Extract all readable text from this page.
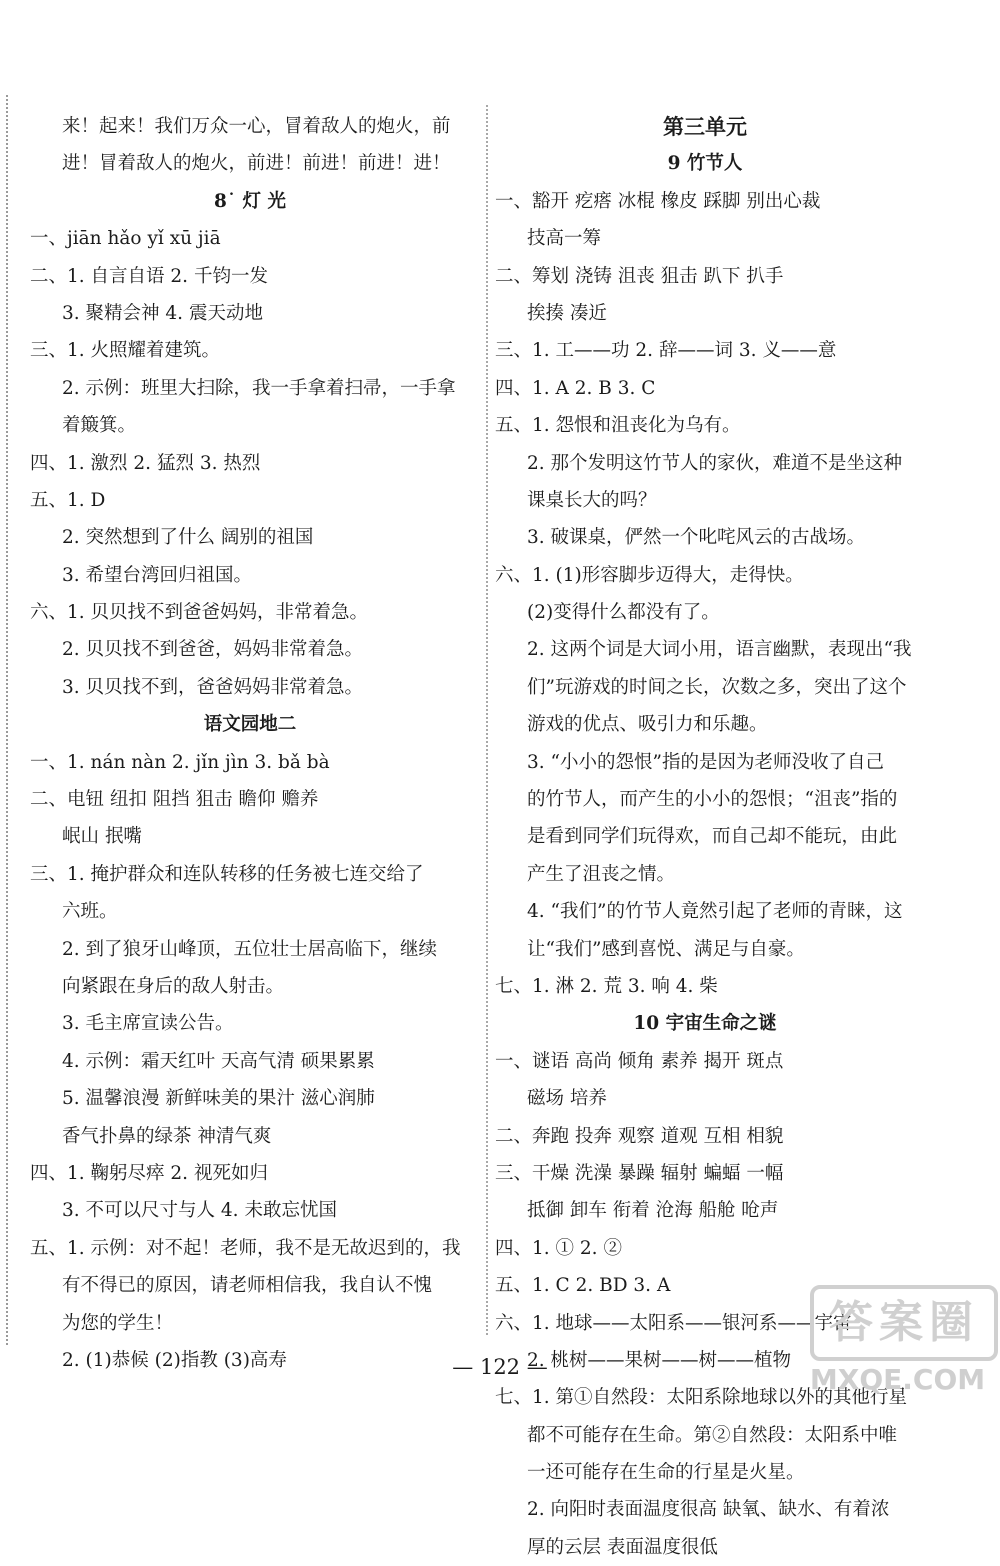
来！起来！我们万众一心，冒着敌人的炮火，前
进！冒着敌人的炮火，前进！前进！前进！进！
8˙ 灯 光
一、jiān hǎo yǐ xū jiā
二、1. 自言自语 2. 千钧一发
3. 聚精会神 4. 震天动地
三、1. 火照耀着建筑。
2. 示例：班里大扫除，我一手拿着扫帚，一手拿
着簸箕。
四、1. 激烈 2. 猛烈 3. 热烈
五、1. D
2. 突然想到了什么 阔别的祖国
3. 希望台湾回归祖国。
六、1. 贝贝找不到爸爸妈妈，非常着急。
2. 贝贝找不到爸爸，妈妈非常着急。
3. 贝贝找不到，爸爸妈妈非常着急。
语文园地二
一、1. nán nàn 2. jǐn jìn 3. bǎ bà
二、电钮 纽扣 阻挡 狙击 瞻仰 赡养
岷山 抿嘴
三、1. 掩护群众和连队转移的任务被七连交给了
六班。
2. 到了狼牙山峰顶，五位壮士居高临下，继续
向紧跟在身后的敌人射击。
3. 毛主席宣读公告。
4. 示例：霜天红叶 天高气清 硕果累累
5. 温馨浪漫 新鲜味美的果汁 滋心润肺
香气扑鼻的绿茶 神清气爽
四、1. 鞠躬尽瘁 2. 视死如归
3. 不可以尺寸与人 4. 未敢忘忧国
五、1. 示例：对不起！老师，我不是无故迟到的，我
有不得已的原因，请老师相信我，我自认不愧
为您的学生！
2. (1)恭候 (2)指教 (3)高寿
第三单元
9 竹节人
一、豁开 疙瘩 冰棍 橡皮 踩脚 别出心裁
技高一筹
二、筹划 浇铸 沮丧 狙击 趴下 扒手
挨揍 凑近
三、1. 工——功 2. 辞——词 3. 义——意
四、1. A 2. B 3. C
五、1. 怨恨和沮丧化为乌有。
2. 那个发明这竹节人的家伙，难道不是坐这种
课桌长大的吗？
3. 破课桌，俨然一个叱咤风云的古战场。
六、1. (1)形容脚步迈得大，走得快。
(2)变得什么都没有了。
2. 这两个词是大词小用，语言幽默，表现出“我
们”玩游戏的时间之长，次数之多，突出了这个
游戏的优点、吸引力和乐趣。
3. “小小的怨恨”指的是因为老师没收了自己
的竹节人，而产生的小小的怨恨；“沮丧”指的
是看到同学们玩得欢，而自己却不能玩，由此
产生了沮丧之情。
4. “我们”的竹节人竟然引起了老师的青睐，这
让“我们”感到喜悦、满足与自豪。
七、1. 淋 2. 荒 3. 响 4. 柴
10 宇宙生命之谜
一、谜语 高尚 倾角 素养 揭开 斑点
磁场 培养
二、奔跑 投奔 观察 道观 互相 相貌
三、干燥 洗澡 暴躁 辐射 蝙蝠 一幅
抵御 卸车 衔着 沧海 船舱 呛声
四、1. ① 2. ②
五、1. C 2. BD 3. A
六、1. 地球——太阳系——银河系——宇宙
2. 桃树——果树——树——植物
七、1. 第①自然段：太阳系除地球以外的其他行星
都不可能存在生命。第②自然段：太阳系中唯
一还可能存在生命的行星是火星。
2. 向阳时表面温度很高 缺氧、缺水、有着浓
厚的云层 表面温度很低
— 122 —
答案圈
MXQE.COM
